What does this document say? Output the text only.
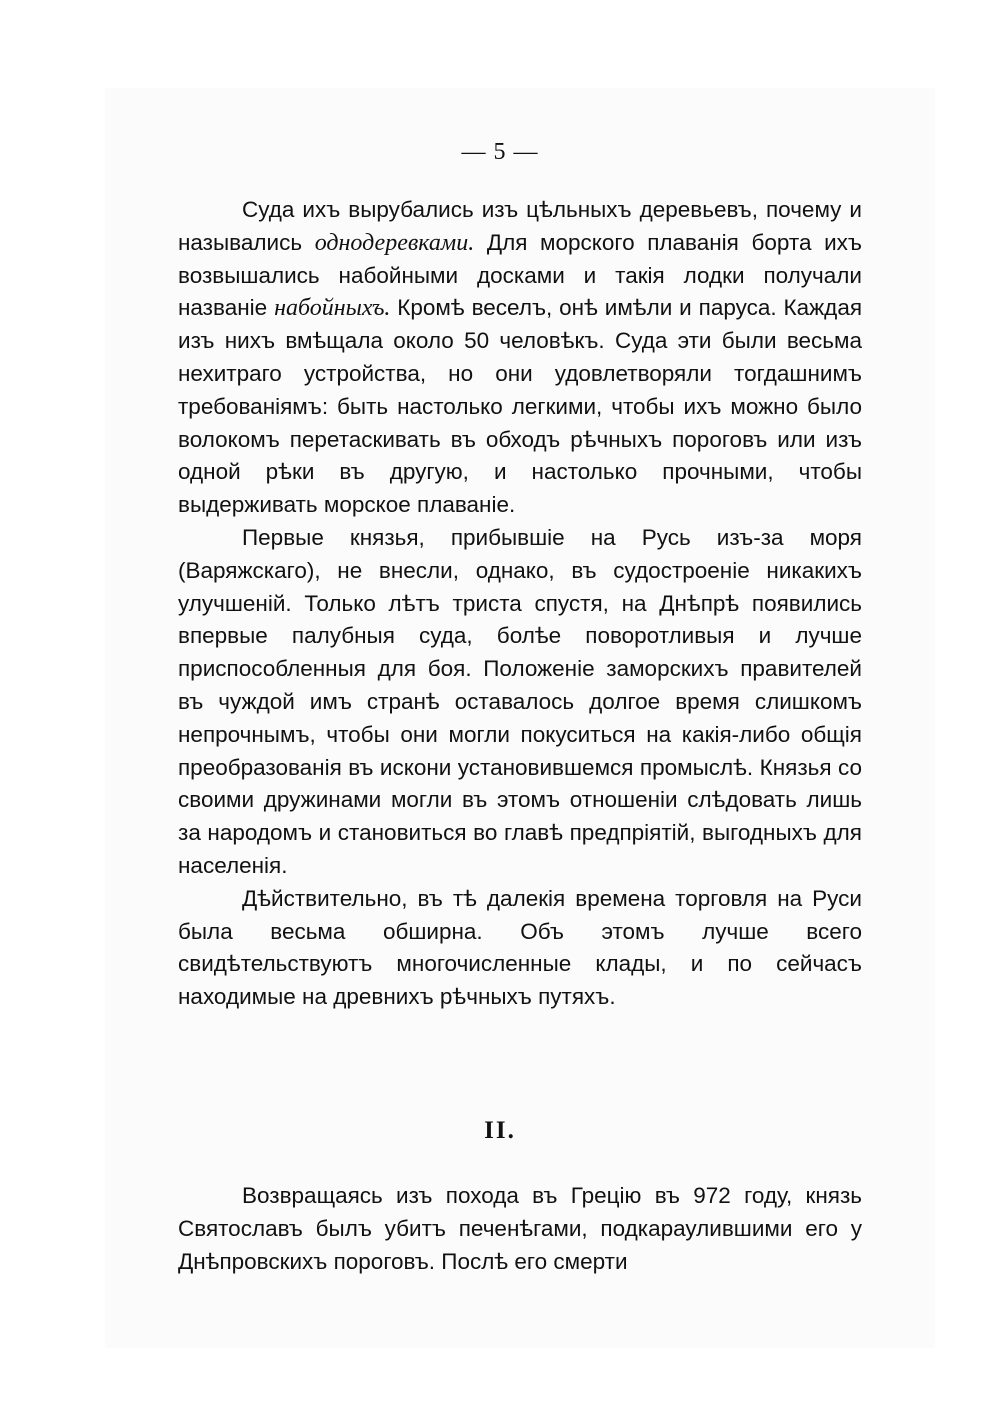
— 5 —

Суда ихъ вырубались изъ цѣльныхъ деревьевъ, почему и назывались однодеревками. Для морского плаванія борта ихъ возвышались набойными досками и такія лодки получали названіе набойныхъ. Кромѣ веселъ, онѣ имѣли и паруса. Каждая изъ нихъ вмѣщала около 50 человѣкъ. Суда эти были весьма нехитраго устройства, но они удовлетворяли тогдашнимъ требованіямъ: быть настолько легкими, чтобы ихъ можно было волокомъ перетаскивать въ обходъ рѣчныхъ пороговъ или изъ одной рѣки въ другую, и настолько прочными, чтобы выдерживать морское плаваніе.

Первые князья, прибывшіе на Русь изъ-за моря (Варяжскаго), не внесли, однако, въ судостроеніе никакихъ улучшеній. Только лѣтъ триста спустя, на Днѣпрѣ появились впервые палубныя суда, болѣе поворотливыя и лучше приспособленныя для боя. Положеніе заморскихъ правителей въ чуждой имъ странѣ оставалось долгое время слишкомъ непрочнымъ, чтобы они могли покуситься на какія-либо общія преобразованія въ искони установившемся промыслѣ. Князья со своими дружинами могли въ этомъ отношеніи слѣдовать лишь за народомъ и становиться во главѣ предпріятій, выгодныхъ для населенія.

Дѣйствительно, въ тѣ далекія времена торговля на Руси была весьма обширна. Объ этомъ лучше всего свидѣтельствуютъ многочисленные клады, и по сейчасъ находимые на древнихъ рѣчныхъ путяхъ.

II.

Возвращаясь изъ похода въ Грецію въ 972 году, князь Святославъ былъ убитъ печенѣгами, подкараулившими его у Днѣпровскихъ пороговъ. Послѣ его смерти
